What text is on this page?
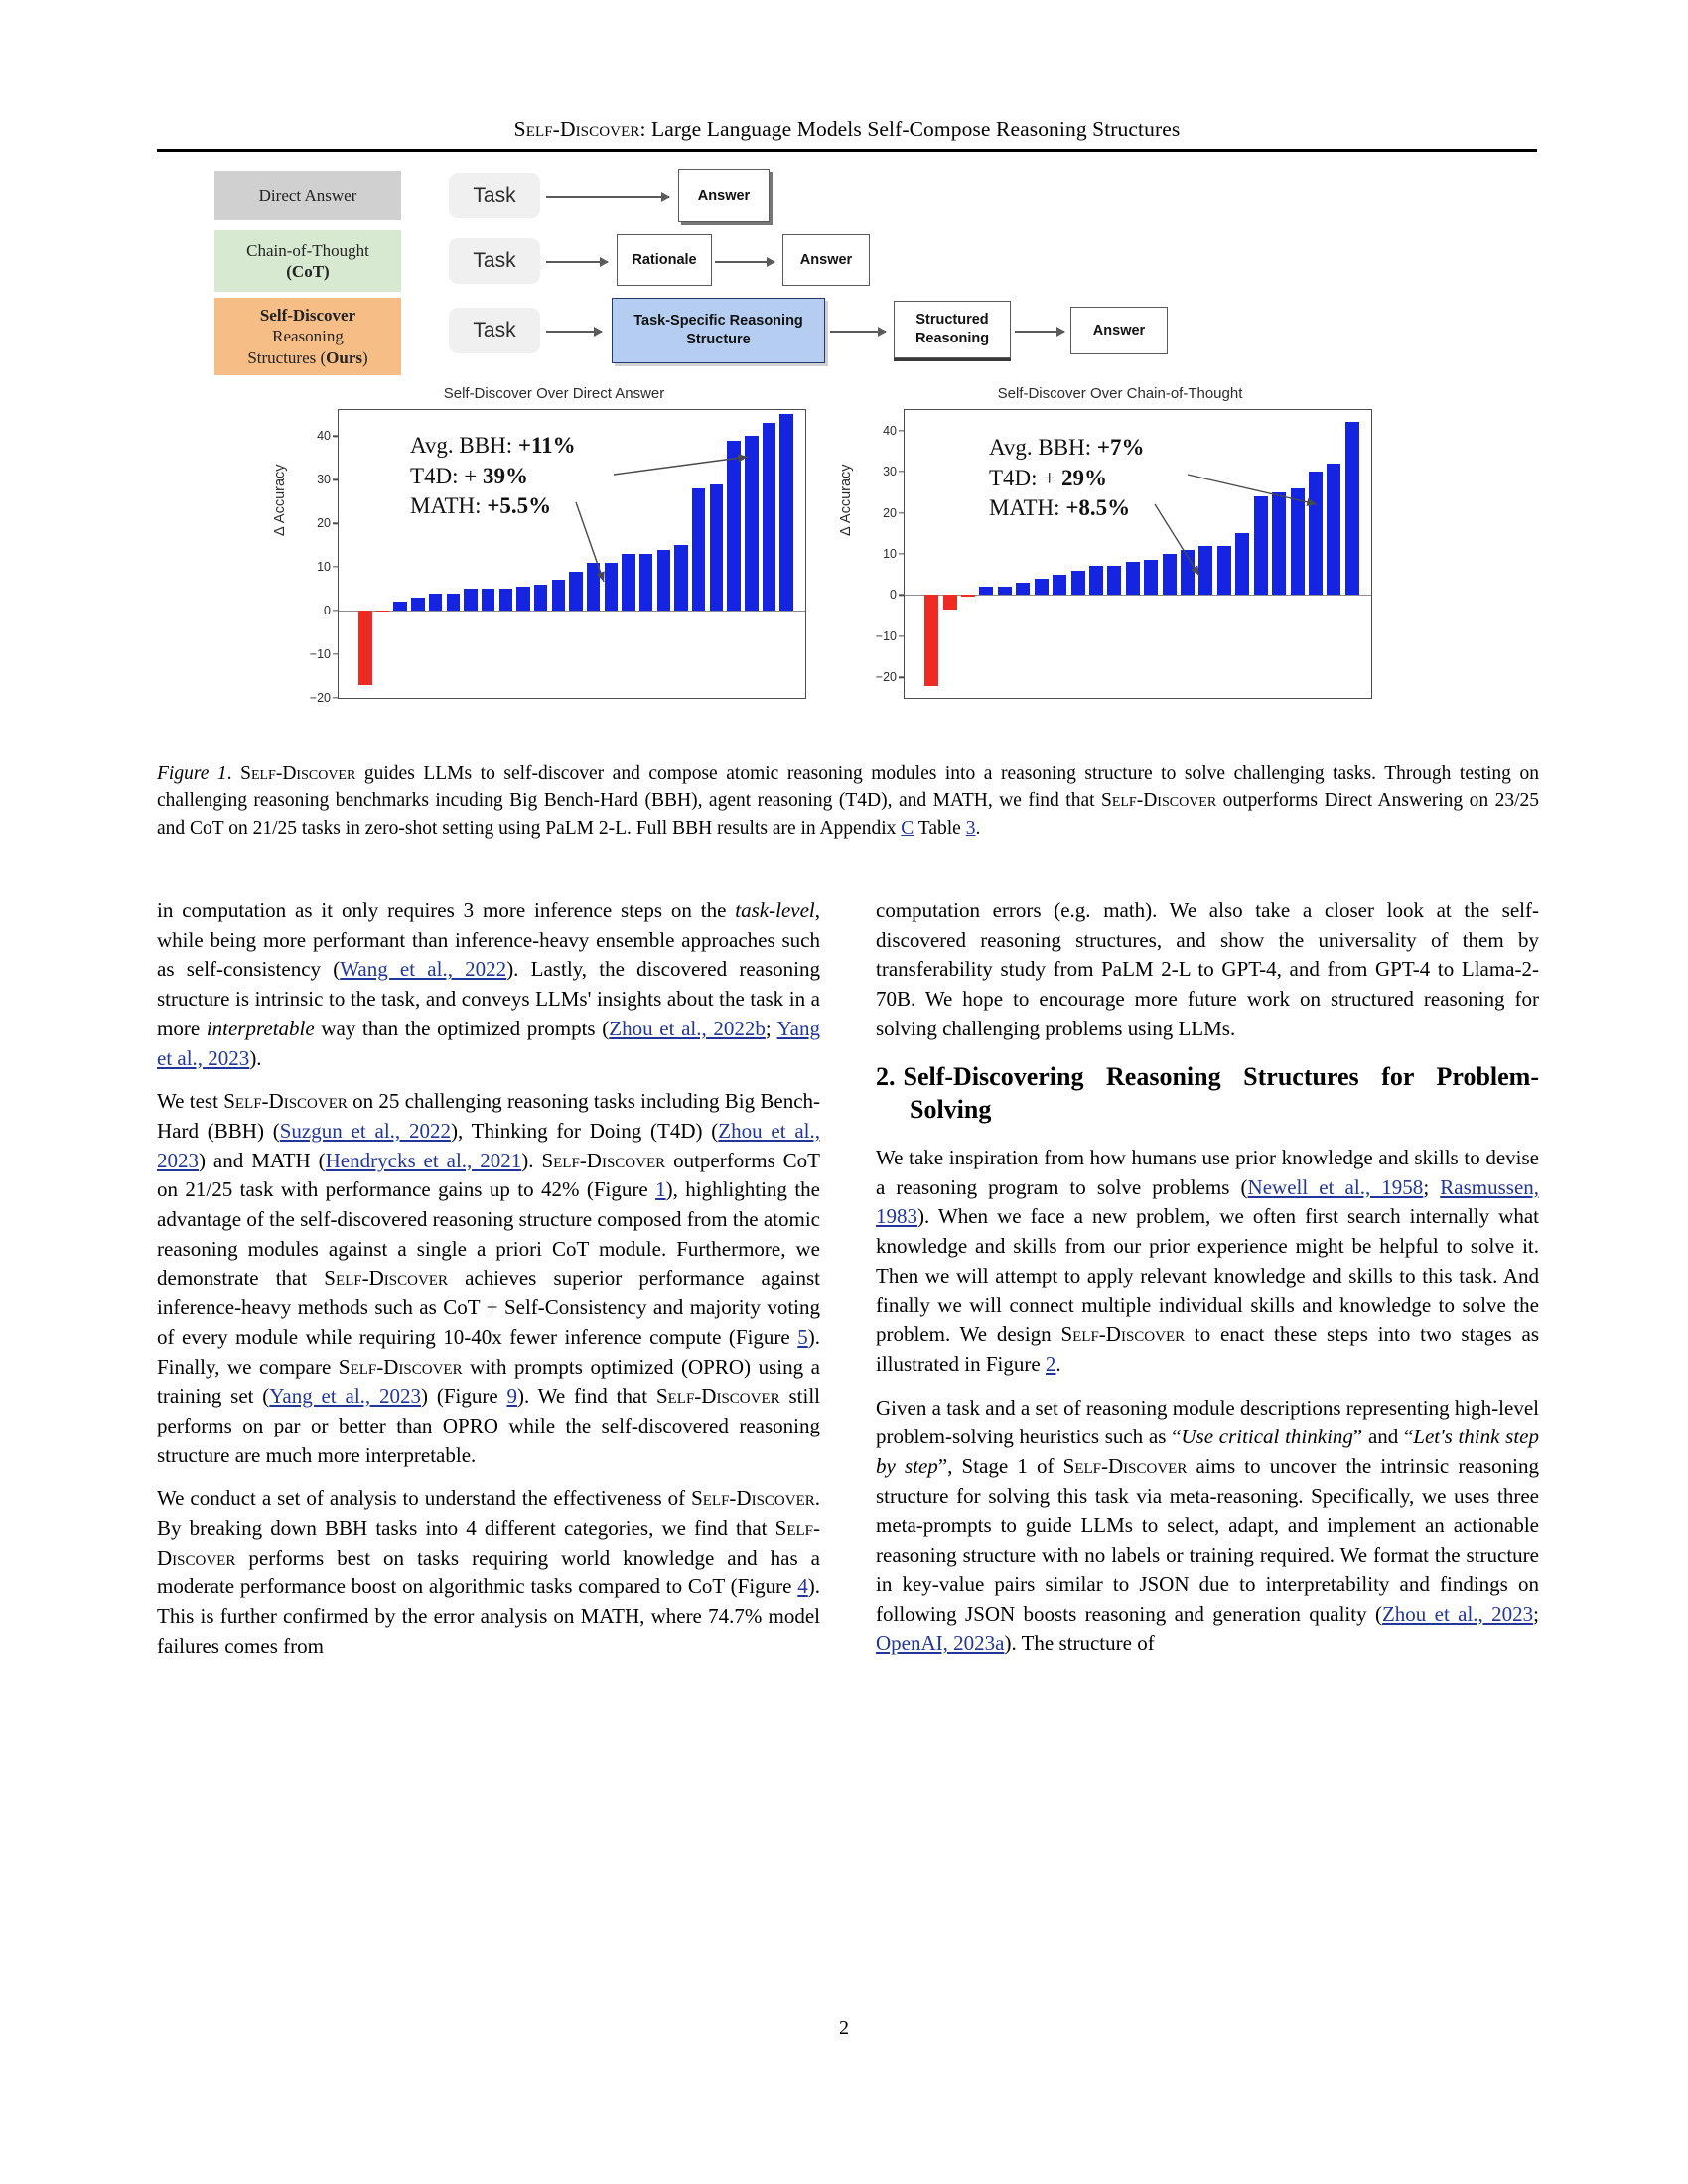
Self-Discover: Large Language Models Self-Compose Reasoning Structures
Direct Answer	Task	Answer
Chain-of-Thought
(CoT)	Task	Rationale	Answer
Self-Discover
Reasoning
Structures (Ours)
Task	Task-Specific Reasoning Structure
Structured Reasoning
Answer
Self-Discover Over Direct Answer
Δ Accuracy
−20
−10
0
10
20
30
40	Avg. BBH: +11%
T4D: + 39%
MATH: +5.5%
Self-Discover Over Chain-of-Thought
Δ Accuracy
−20
−10
0
10
20
30
40
Avg. BBH: +7%
T4D: + 29%
MATH: +8.5%
Figure 1. Self-Discover guides LLMs to self-discover and compose atomic reasoning modules into a reasoning structure to solve challenging tasks. Through testing on challenging reasoning benchmarks incuding Big Bench-Hard (BBH), agent reasoning (T4D), and MATH, we find that Self-Discover outperforms Direct Answering on 23/25 and CoT on 21/25 tasks in zero-shot setting using PaLM 2-L. Full BBH results are in Appendix C Table 3.

in computation as it only requires 3 more inference steps on the task-level, while being more performant than inference-heavy ensemble approaches such as self-consistency (Wang et al., 2022). Lastly, the discovered reasoning structure is intrinsic to the task, and conveys LLMs' insights about the task in a more interpretable way than the optimized prompts (Zhou et al., 2022b; Yang et al., 2023).

We test Self-Discover on 25 challenging reasoning tasks including Big Bench-Hard (BBH) (Suzgun et al., 2022), Thinking for Doing (T4D) (Zhou et al., 2023) and MATH (Hendrycks et al., 2021). Self-Discover outperforms CoT on 21/25 task with performance gains up to 42% (Figure 1), highlighting the advantage of the self-discovered reasoning structure composed from the atomic reasoning modules against a single a priori CoT module. Furthermore, we demonstrate that Self-Discover achieves superior performance against inference-heavy methods such as CoT + Self-Consistency and majority voting of every module while requiring 10-40x fewer inference compute (Figure 5). Finally, we compare Self-Discover with prompts optimized (OPRO) using a training set (Yang et al., 2023) (Figure 9). We find that Self-Discover still performs on par or better than OPRO while the self-discovered reasoning structure are much more interpretable.

We conduct a set of analysis to understand the effectiveness of Self-Discover. By breaking down BBH tasks into 4 different categories, we find that Self-Discover performs best on tasks requiring world knowledge and has a moderate performance boost on algorithmic tasks compared to CoT (Figure 4). This is further confirmed by the error analysis on MATH, where 74.7% model failures comes from

computation errors (e.g. math). We also take a closer look at the self-discovered reasoning structures, and show the universality of them by transferability study from PaLM 2-L to GPT-4, and from GPT-4 to Llama-2-70B. We hope to encourage more future work on structured reasoning for solving challenging problems using LLMs.

2. Self-Discovering Reasoning Structures for Problem-Solving

We take inspiration from how humans use prior knowledge and skills to devise a reasoning program to solve problems (Newell et al., 1958; Rasmussen, 1983). When we face a new problem, we often first search internally what knowledge and skills from our prior experience might be helpful to solve it. Then we will attempt to apply relevant knowledge and skills to this task. And finally we will connect multiple individual skills and knowledge to solve the problem. We design Self-Discover to enact these steps into two stages as illustrated in Figure 2.

Given a task and a set of reasoning module descriptions representing high-level problem-solving heuristics such as “Use critical thinking” and “Let's think step by step”, Stage 1 of Self-Discover aims to uncover the intrinsic reasoning structure for solving this task via meta-reasoning. Specifically, we uses three meta-prompts to guide LLMs to select, adapt, and implement an actionable reasoning structure with no labels or training required. We format the structure in key-value pairs similar to JSON due to interpretability and findings on following JSON boosts reasoning and generation quality (Zhou et al., 2023; OpenAI, 2023a). The structure of

2
